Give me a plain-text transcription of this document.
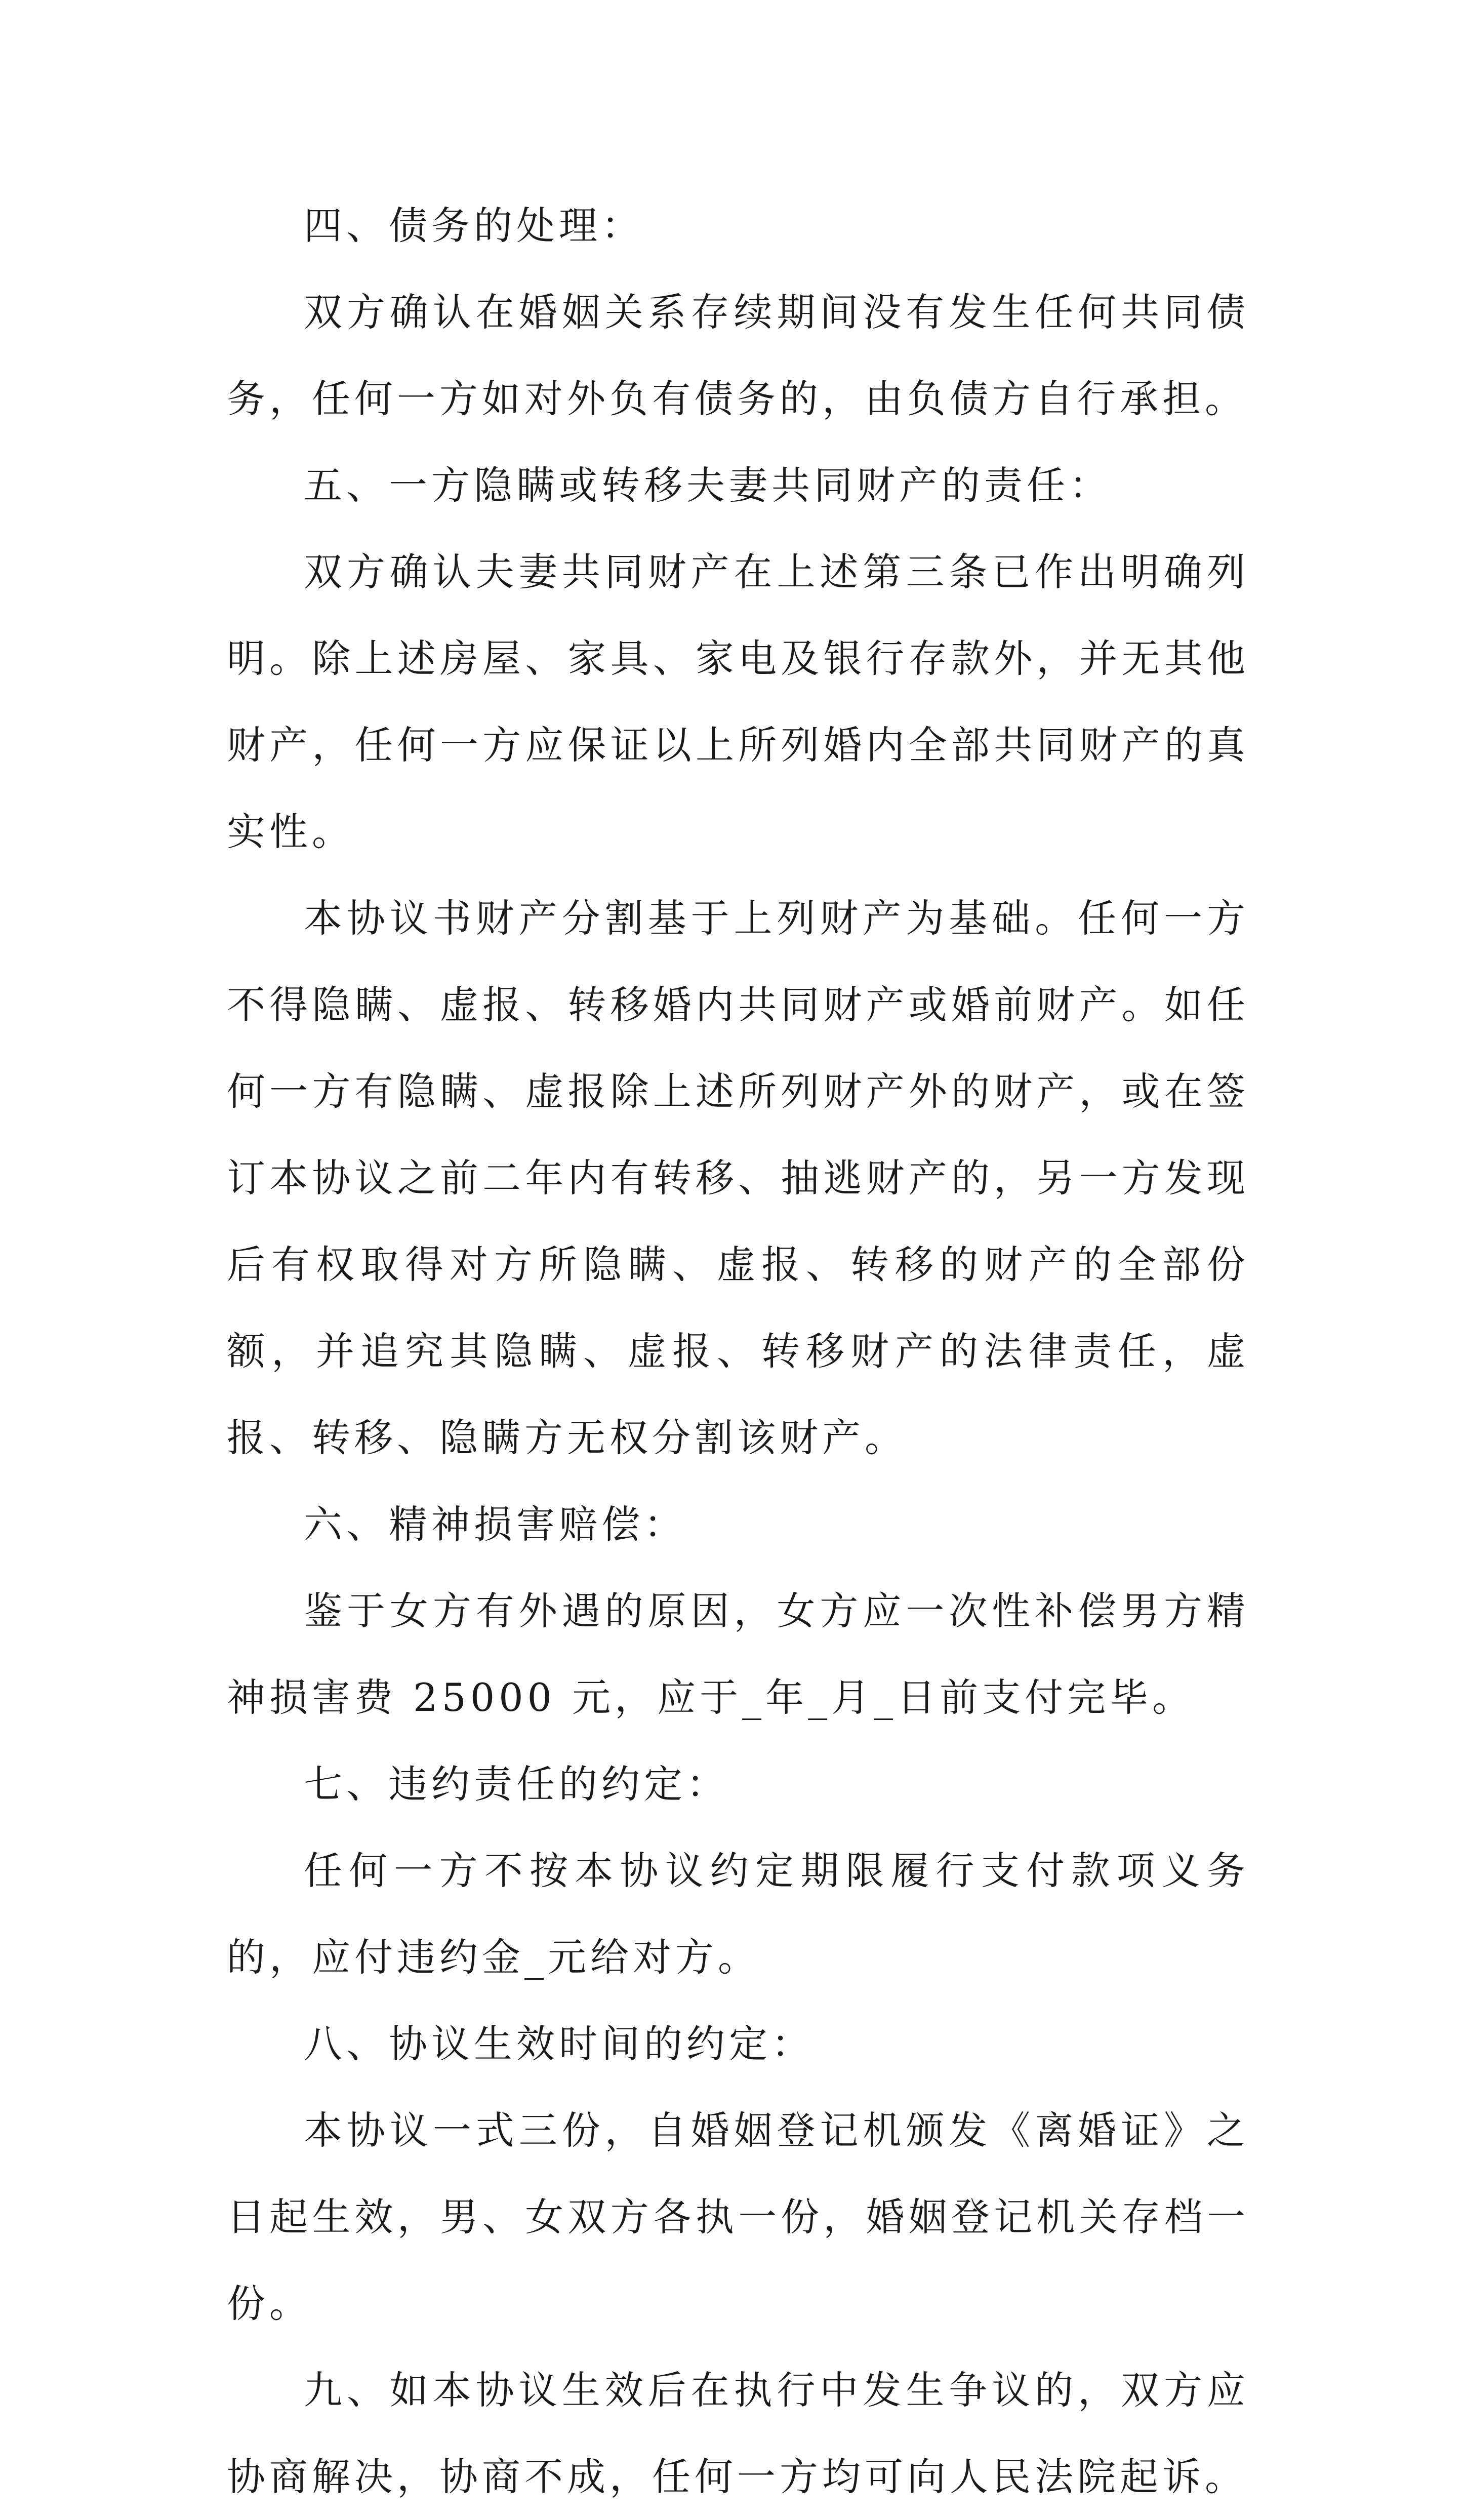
四、债务的处理：

双方确认在婚姻关系存续期间没有发生任何共同债务，任何一方如对外负有债务的，由负债方自行承担。

五、一方隐瞒或转移夫妻共同财产的责任：

双方确认夫妻共同财产在上述第三条已作出明确列明。除上述房屋、家具、家电及银行存款外，并无其他财产，任何一方应保证以上所列婚内全部共同财产的真实性。

本协议书财产分割基于上列财产为基础。任何一方不得隐瞒、虚报、转移婚内共同财产或婚前财产。如任何一方有隐瞒、虚报除上述所列财产外的财产，或在签订本协议之前二年内有转移、抽逃财产的，另一方发现后有权取得对方所隐瞒、虚报、转移的财产的全部份额，并追究其隐瞒、虚报、转移财产的法律责任，虚报、转移、隐瞒方无权分割该财产。

六、精神损害赔偿：

鉴于女方有外遇的原因，女方应一次性补偿男方精神损害费 25000 元，应于_年_月_日前支付完毕。

七、违约责任的约定：

任何一方不按本协议约定期限履行支付款项义务的，应付违约金_元给对方。

八、协议生效时间的约定：

本协议一式三份，自婚姻登记机颁发《离婚证》之日起生效，男、女双方各执一份，婚姻登记机关存档一份。

九、如本协议生效后在执行中发生争议的，双方应协商解决，协商不成，任何一方均可向人民法院起诉。
